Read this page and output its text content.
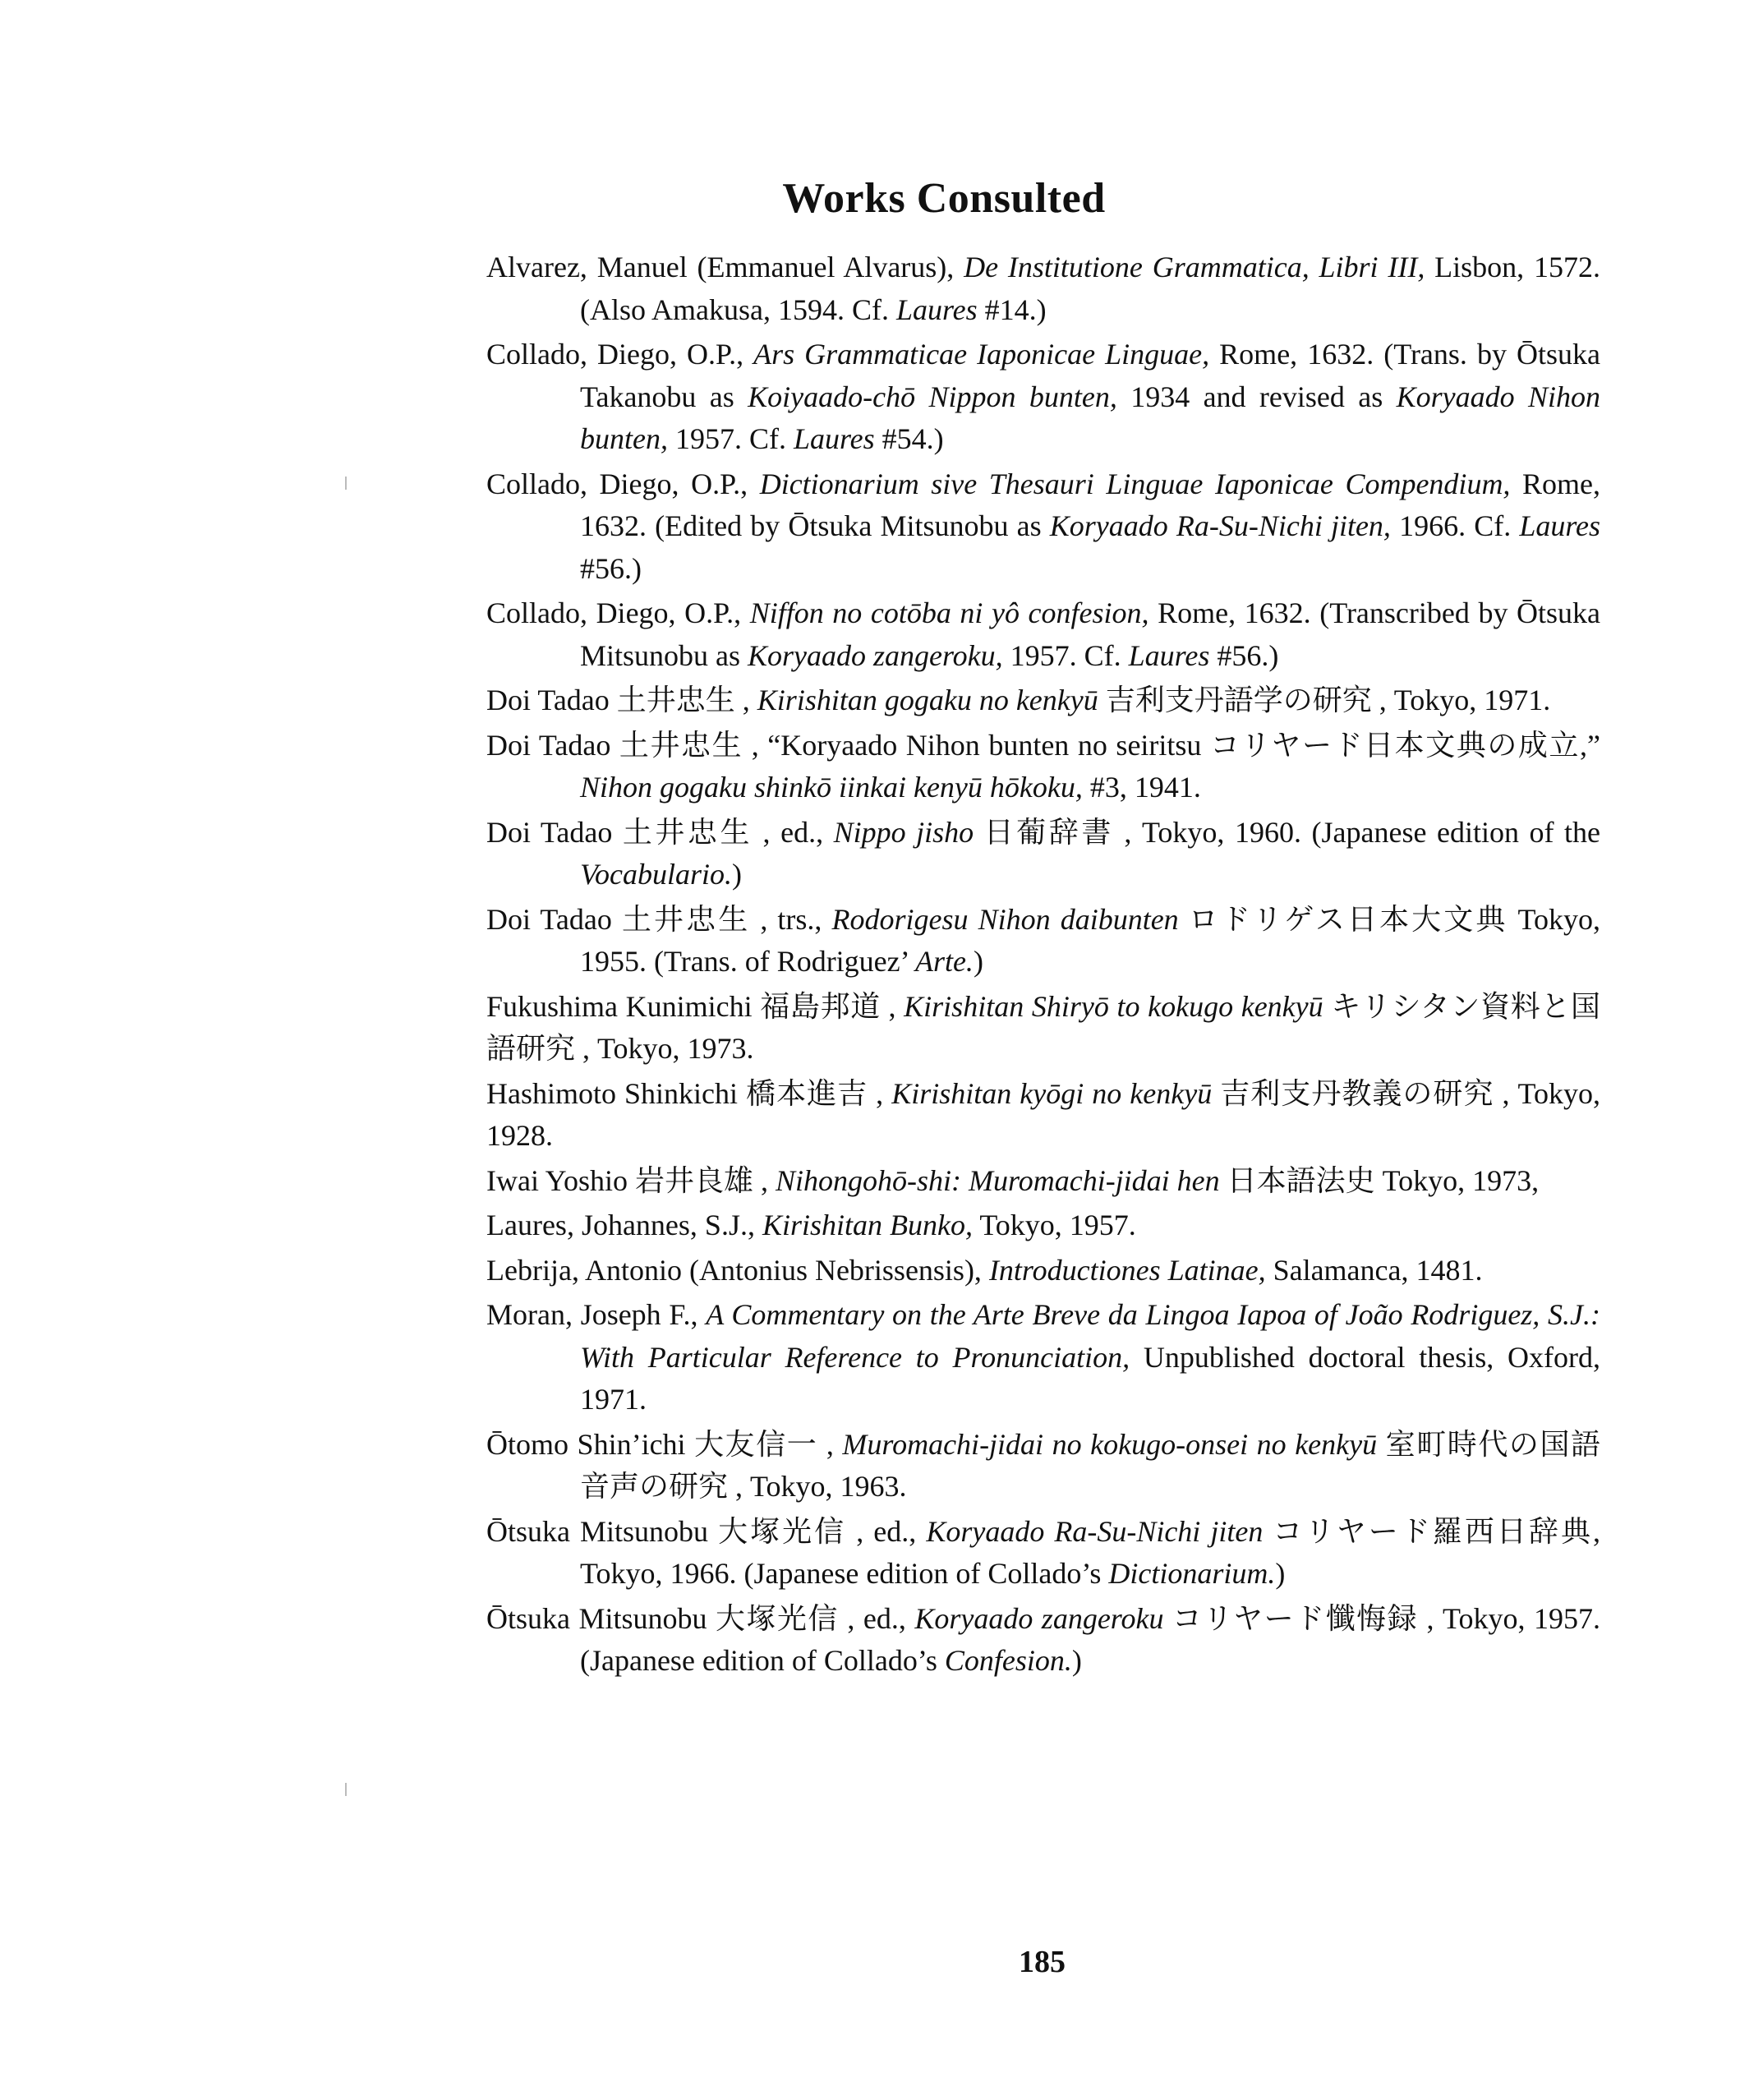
Works Consulted
Alvarez, Manuel (Emmanuel Alvarus), De Institutione Grammatica, Libri III, Lisbon, 1572. (Also Amakusa, 1594. Cf. Laures #14.)
Collado, Diego, O.P., Ars Grammaticae Iaponicae Linguae, Rome, 1632. (Trans. by Ōtsuka Takanobu as Koiyaado-chō Nippon bunten, 1934 and revised as Koryaado Nihon bunten, 1957. Cf. Laures #54.)
Collado, Diego, O.P., Dictionarium sive Thesauri Linguae Iaponicae Compendium, Rome, 1632. (Edited by Ōtsuka Mitsunobu as Koryaado Ra-Su-Nichi jiten, 1966. Cf. Laures #56.)
Collado, Diego, O.P., Niffon no cotōba ni yô confesion, Rome, 1632. (Transcribed by Ōtsuka Mitsunobu as Koryaado zangeroku, 1957. Cf. Laures #56.)
Doi Tadao 土井忠生 , Kirishitan gogaku no kenkyū 吉利支丹語学の研究 , Tokyo, 1971.
Doi Tadao 土井忠生 , “Koryaado Nihon bunten no seiritsu コリヤード日本文典の成立,” Nihon gogaku shinkō iinkai kenyū hōkoku, #3, 1941.
Doi Tadao 土井忠生 , ed., Nippo jisho 日葡辞書 , Tokyo, 1960. (Japanese edition of the Vocabulario.)
Doi Tadao 土井忠生 , trs., Rodorigesu Nihon daibunten ロドリゲス日本大文典 Tokyo, 1955. (Trans. of Rodriguez’ Arte.)
Fukushima Kunimichi 福島邦道 , Kirishitan Shiryō to kokugo kenkyū キリシタン資料と国語研究 , Tokyo, 1973.
Hashimoto Shinkichi 橋本進吉 , Kirishitan kyōgi no kenkyū 吉利支丹教義の研究 , Tokyo, 1928.
Iwai Yoshio 岩井良雄 , Nihongohō-shi: Muromachi-jidai hen 日本語法史 Tokyo, 1973,
Laures, Johannes, S.J., Kirishitan Bunko, Tokyo, 1957.
Lebrija, Antonio (Antonius Nebrissensis), Introductiones Latinae, Salamanca, 1481.
Moran, Joseph F., A Commentary on the Arte Breve da Lingoa Iapoa of João Rodriguez, S.J.: With Particular Reference to Pronunciation, Unpublished doctoral thesis, Oxford, 1971.
Ōtomo Shin’ichi 大友信一 , Muromachi-jidai no kokugo-onsei no kenkyū 室町時代の国語音声の研究 , Tokyo, 1963.
Ōtsuka Mitsunobu 大塚光信 , ed., Koryaado Ra-Su-Nichi jiten コリヤード羅西日辞典, Tokyo, 1966. (Japanese edition of Collado’s Dictionarium.)
Ōtsuka Mitsunobu 大塚光信 , ed., Koryaado zangeroku コリヤード懺悔録 , Tokyo, 1957. (Japanese edition of Collado’s Confesion.)
185
